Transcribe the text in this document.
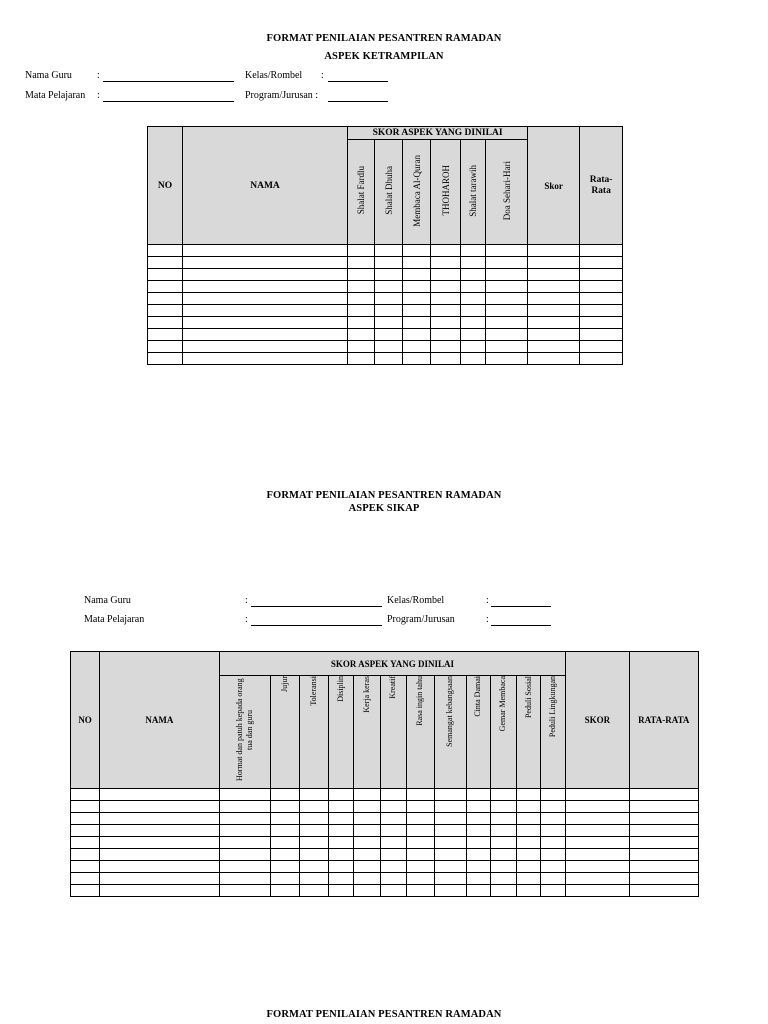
FORMAT PENILAIAN PESANTREN RAMADAN
ASPEK KETRAMPILAN
Nama Guru	:	Kelas/Rombel :
Mata Pelajaran :	Program/Jurusan :
NO	NAMA	SKOR ASPEK YANG DINILAI						Skor	Rata-Rata
		Shalat Fardlu	Shalat Dhuha	Membaca Al-Quran	THOHAROH	Shalat tarawih	Doa Sehari-Hari		

FORMAT PENILAIAN PESANTREN RAMADAN
ASPEK SIKAP
Nama Guru	:	Kelas/Rombel	:
Mata Pelajaran	:	Program/Jurusan	:
NO	NAMA	SKOR ASPEK YANG DINILAI												SKOR	RATA-RATA
		Hormat dan patuh kepada orang tua dan guru	Jujur	Toleransi	Disiplin	Kerja keras	Kreatif	Rasa ingin tahu	Semangat kebangsaan	Cinta Damai	Gemar Membaca	Peduli Sosial	Peduli Lingkungan		

FORMAT PENILAIAN PESANTREN RAMADAN
